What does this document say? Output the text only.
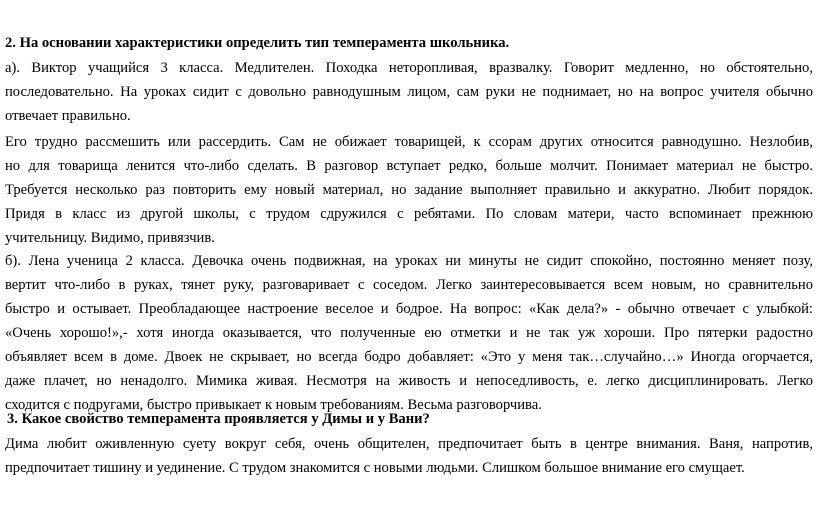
2. На основании характеристики определить тип темперамента школьника.

а). Виктор учащийся 3 класса. Медлителен. Походка неторопливая, вразвалку. Говорит медленно, но обстоятельно,
последовательно. На уроках сидит с довольно равнодушным лицом, сам руки не поднимает, но на вопрос учителя обычно
отвечает правильно.
Его трудно рассмешить или рассердить. Сам не обижает товарищей, к ссорам других относится равнодушно. Незлобив,
но для товарища ленится что-либо сделать. В разговор вступает редко, больше молчит. Понимает материал не быстро.
Требуется несколько раз повторить ему новый материал, но задание выполняет правильно и аккуратно. Любит порядок.
Придя в класс из другой школы, с трудом сдружился с ребятами. По словам матери, часто вспоминает прежнюю
учительницу. Видимо, привязчив.
б). Лена ученица 2 класса. Девочка очень подвижная, на уроках ни минуты не сидит спокойно, постоянно меняет позу,
вертит что-либо в руках, тянет руку, разговаривает с соседом. Легко заинтересовывается всем новым, но сравнительно
быстро и остывает. Преобладающее настроение веселое и бодрое. На вопрос: «Как дела?» - обычно отвечает с улыбкой:
«Очень хорошо!»,- хотя иногда оказывается, что полученные ею отметки и не так уж хороши. Про пятерки радостно
объявляет всем в доме. Двоек не скрывает, но всегда бодро добавляет: «Это у меня так…случайно…» Иногда огорчается,
даже плачет, но ненадолго. Мимика живая. Несмотря на живость и непоседливость, е. легко дисциплинировать. Легко
сходится с подругами, быстро привыкает к новым требованиям. Весьма разговорчива.

3. Какое свойство темперамента проявляется у Димы и у Вани?

Дима любит оживленную суету вокруг себя, очень общителен, предпочитает быть в центре внимания. Ваня, напротив,
предпочитает тишину и уединение. С трудом знакомится с новыми людьми. Слишком большое внимание его смущает.
